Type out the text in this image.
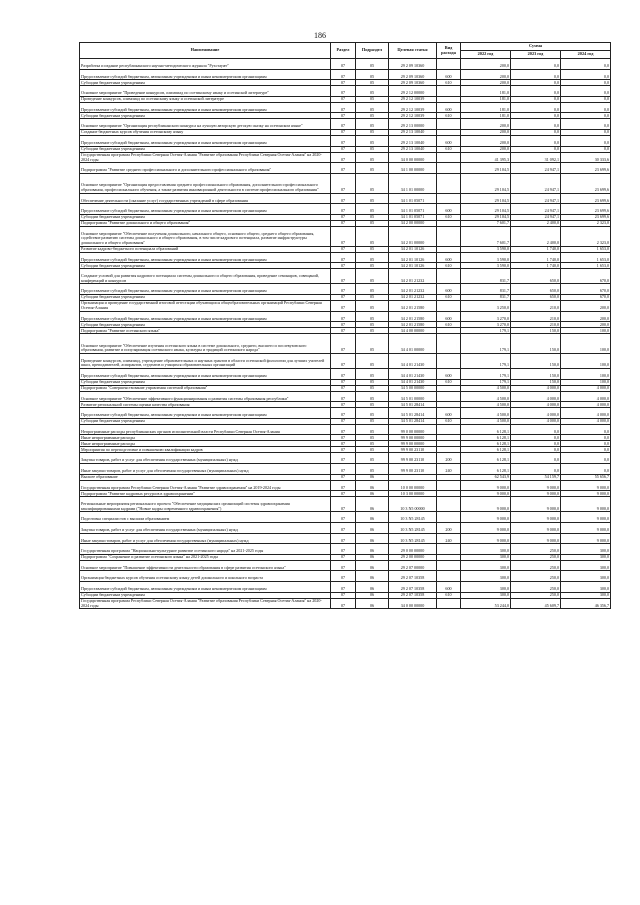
186
Наименование	Раздел	Подраздел	Целевая статья	Вид расхода	Сумма		
					2022 год	2023 год	2024 год
Разработка и издание республиканского научно-методического журнала "Рухстауӕг"	07	05	29 2 09 10360		200,0	0,0	0,0
Предоставление субсидий бюджетным, автономным учреждениям и иным некоммерческим организациям	07	05	29 2 09 10360	600	200,0	0,0	0,0
Субсидии бюджетным учреждениям	07	05	29 2 09 10360	610	200,0	0,0	0,0
Основное мероприятие "Проведение конкурсов, олимпиад по осетинскому языку и осетинской литературе"	07	05	29 2 12 00000		181,0	0,0	0,0
Проведение конкурсов, олимпиад по осетинскому языку и осетинской литературе	07	05	29 2 12 10039		181,0	0,0	0,0
Предоставление субсидий бюджетным, автономным учреждениям и иным некоммерческим организациям	07	05	29 2 12 10039	600	181,0	0,0	0,0
Субсидии бюджетным учреждениям	07	05	29 2 12 10039	610	181,0	0,0	0,0
Основное мероприятие "Организация республиканского конкурса на лучшую авторскую детскую сказку на осетинском языке"	07	05	29 2 13 00000		200,0	0,0	0,0
Создание бюджетных курсов обучения осетинскому языку	07	05	29 2 13 10040		200,0	0,0	0,0
Предоставление субсидий бюджетным, автономным учреждениям и иным некоммерческим организациям	07	05	29 2 13 10040	600	200,0	0,0	0,0
Субсидии бюджетным учреждениям	07	05	29 2 13 10040	610	200,0	0,0	0,0
Государственная программа Республики Северная Осетия-Алания "Развитие образования Республики Северная Осетия-Алания" на 2020-2024 годы	07	05	34 0 00 00000		41 395,3	31 092,1	30 333,6
Подпрограмма "Развитие среднего профессионального и дополнительного профессионального образования"	07	05	34 1 00 00000		29 104,5	24 947,1	23 699,6
Основное мероприятие "Организация предоставления среднего профессионального образования, дополнительного профессионального образования, профессионального обучения, а также развития инновационной деятельности в системе профессионального образования"	07	05	34 1 01 00000		29 104,5	24 947,1	23 699,6
Обеспечение деятельности (оказание услуг) государственных учреждений в сфере образования	07	05	34 1 01 05071		29 104,5	24 947,1	23 699,6
Предоставление субсидий бюджетным, автономным учреждениям и иным некоммерческим организациям	07	05	34 1 01 05071	600	29 104,5	24 947,1	23 699,6
Субсидии бюджетным учреждениям	07	05	34 1 01 05071	610	29 104,5	24 947,1	23 699,6
Подпрограмма "Развитие дошкольного и общего образования"	07	05	34 2 00 00000		7 601,7	2 400,0	2 323,0
Основное мероприятие "Обеспечение получения дошкольного, начального общего, основного общего, среднего общего образования, содействие развитию системы дошкольного и общего образования, в том числе кадрового потенциала, развитие инфраструктуры дошкольного и общего образования"	07	05	34 2 01 00000		7 601,7	2 400,0	2 323,0
Развитие кадрово-бюджетного потенциала образований	07	05	34 2 01 10126		3 590,0	1 740,0	1 653,0
Предоставление субсидий бюджетным, автономным учреждениям и иным некоммерческим организациям	07	05	34 2 01 10126	600	3 590,0	1 740,0	1 653,0
Субсидии бюджетным учреждениям	07	05	34 2 01 10126	610	3 590,0	1 740,0	1 653,0
Создание условий для развития кадрового потенциала системы дошкольного и общего образования, проведение семинаров, совещаний, конференций и конкурсов	07	05	34 2 01 21232		831,7	650,0	670,0
Предоставление субсидий бюджетным, автономным учреждениям и иным некоммерческим организациям	07	05	34 2 01 21232	600	831,7	650,0	670,0
Субсидии бюджетным учреждениям	07	05	34 2 01 21232	610	831,7	650,0	670,0
Организация и проведение государственной итоговой аттестации обучающихся общеобразовательных организаций Республики Северная Осетия-Алания	07	05	34 2 01 21580		3 250,0	210,0	200,0
Предоставление субсидий бюджетным, автономным учреждениям и иным некоммерческим организациям	07	05	34 2 01 21580	600	3 270,0	210,0	200,0
Субсидии бюджетным учреждениям	07	05	34 2 01 21580	610	3 270,0	210,0	200,0
Подпрограмма "Развитие осетинского языка"	07	05	34 4 00 00000		179,1	150,0	100,0
Основное мероприятие "Обеспечение изучения осетинского языка в системе дошкольного, среднего, высшего и послевузовского образования, развитие и популяризация осетинского языка, культуры и традиций осетинского народа"	07	05	34 4 01 00000		179,1	150,0	100,0
Проведение конкурсов, олимпиад, учреждение образовательных и научных грантов в области осетинской филологии для лучших учителей школ, преподавателей, аспирантов, студентов и учащихся образовательных организаций	07	05	34 4 01 21430		179,1	150,0	100,0
Предоставление субсидий бюджетным, автономным учреждениям и иным некоммерческим организациям	07	05	34 4 01 21430	600	179,1	150,0	100,0
Субсидии бюджетным учреждениям	07	05	34 4 01 21430	610	179,1	150,0	100,0
Подпрограмма "Совершенствование управления системой образования"	07	05	34 5 00 00000		4 500,0	4 000,0	4 000,0
Основное мероприятие "Обеспечение эффективного функционирования и развития системы образования республики"	07	05	34 5 01 00000		4 500,0	4 000,0	4 000,0
Развитие региональной системы оценки качества образования	07	05	34 5 01 28414		4 500,0	4 000,0	4 000,0
Предоставление субсидий бюджетным, автономным учреждениям и иным некоммерческим организациям	07	05	34 5 01 28414	600	4 500,0	4 000,0	4 000,0
Субсидии бюджетным учреждениям	07	05	34 5 01 28414	610	4 500,0	4 000,0	4 000,0
Непрограммные расходы республиканских органов исполнительной власти Республики Северная Осетия-Алания	07	05	99 0 00 00000		6 128,1	0,0	0,0
Иные непрограммные расходы	07	05	99 9 00 00000		6 128,1	0,0	0,0
Иные непрограммные расходы	07	05	99 9 00 00000		6 128,1	0,0	0,0
Мероприятия по переподготовке и повышению квалификации кадров	07	05	99 9 00 23110		6 128,1	0,0	0,0
Закупка товаров, работ и услуг для обеспечения государственных (муниципальных) нужд	07	05	99 9 00 23110	200	6 128,1	0,0	0,0
Иные закупки товаров, работ и услуг для обеспечения государственных (муниципальных) нужд	07	05	99 9 00 23110	240	6 128,1	0,0	0,0
Высшее образование	07	06			62 543,9	54 159,7	55 656,7
Государственная программа Республики Северная Осетия-Алания "Развитие здравоохранения" на 2019-2024 годы	07	06	10 0 00 00000		9 000,0	9 000,0	9 000,0
Подпрограмма "Развитие кадровых ресурсов в здравоохранении"	07	06	10 3 00 00000		9 000,0	9 000,0	9 000,0
Региональные мероприятия регионального проекта "Обеспечение медицинских организаций системы здравоохранения квалифицированными кадрами ("Новые кадры современного здравоохранения")	07	06	10 3 N5 00000		9 000,0	9 000,0	9 000,0
Подготовка специалистов с высшим образованием	07	06	10 3 N5 28145		9 000,0	9 000,0	9 000,0
Закупка товаров, работ и услуг для обеспечения государственных (муниципальных) нужд	07	06	10 3 N5 28145	200	9 000,0	9 000,0	9 000,0
Иные закупки товаров, работ и услуг для обеспечения государственных (муниципальных) нужд	07	06	10 3 N5 28145	240	9 000,0	9 000,0	9 000,0
Государственная программа "Национально-культурное развитие осетинского народа" на 2021-2025 годы	07	06	29 0 00 00000		300,0	250,0	300,0
Подпрограмма "Сохранение и развитие осетинского языка" на 2021-2025 годы	07	06	29 2 00 00000		300,0	250,0	300,0
Основное мероприятие "Повышение эффективности деятельности образования в сфере развития осетинского языка"	07	06	29 2 07 00000		300,0	250,0	300,0
Организация бюджетных курсов обучения осетинскому языку детей дошкольного и школьного возраста	07	06	29 2 07 10358		300,0	250,0	300,0
Предоставление субсидий бюджетным, автономным учреждениям и иным некоммерческим организациям	07	06	29 2 07 10358	600	300,0	250,0	300,0
Субсидии бюджетным учреждениям	07	06	29 2 07 10358	610	300,0	250,0	300,0
Государственная программа Республики Северная Осетия-Алания "Развитие образования Республики Северная Осетия-Алания" на 2020-2024 годы	07	06	34 0 00 00000		53 244,0	45 609,7	46 356,7
